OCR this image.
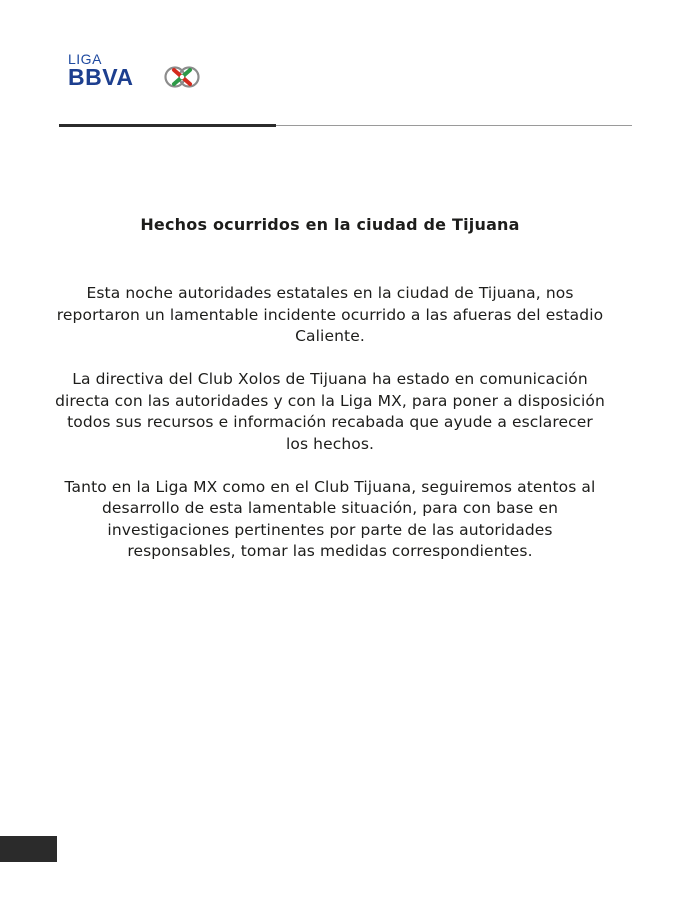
LIGA
BBVA
Hechos ocurridos en la ciudad de Tijuana

Esta noche autoridades estatales en la ciudad de Tijuana, nos reportaron un lamentable incidente ocurrido a las afueras del estadio Caliente.

La directiva del Club Xolos de Tijuana ha estado en comunicación directa con las autoridades y con la Liga MX, para poner a disposición todos sus recursos e información recabada que ayude a esclarecer los hechos.

Tanto en la Liga MX como en el Club Tijuana, seguiremos atentos al desarrollo de esta lamentable situación, para con base en investigaciones pertinentes por parte de las autoridades responsables, tomar las medidas correspondientes.
